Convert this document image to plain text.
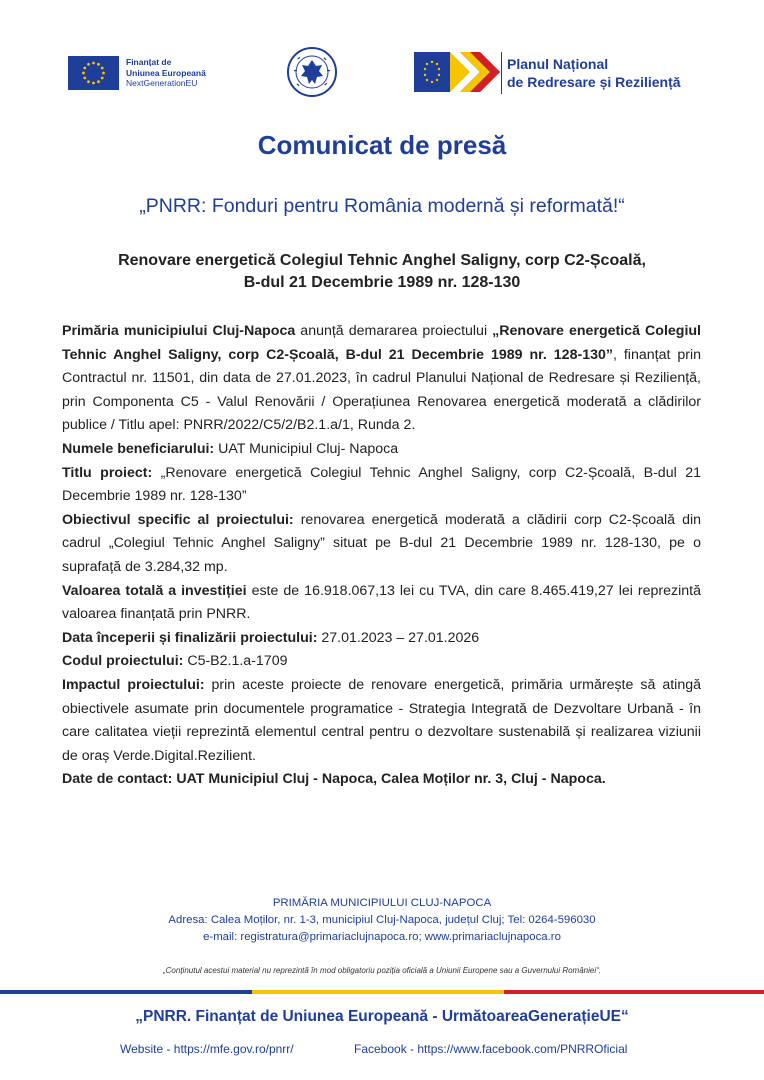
Finanțat de
Uniunea Europeană
NextGenerationEU
Planul Național
de Redresare și Reziliență
Comunicat de presă
„PNRR: Fonduri pentru România modernă și reformată!“
Renovare energetică Colegiul Tehnic Anghel Saligny, corp C2-Școală,
B-dul 21 Decembrie 1989 nr. 128-130

Primăria municipiului Cluj-Napoca anunță demararea proiectului „Renovare energetică Colegiul Tehnic Anghel Saligny, corp C2-Școală, B-dul 21 Decembrie 1989 nr. 128-130”, finanțat prin Contractul nr. 11501, din data de 27.01.2023, în cadrul Planului Național de Redresare și Reziliență, prin Componenta C5 - Valul Renovării / Operațiunea Renovarea energetică moderată a clădirilor publice / Titlu apel: PNRR/2022/C5/2/B2.1.a/1, Runda 2.

Numele beneficiarului: UAT Municipiul Cluj- Napoca

Titlu proiect: „Renovare energetică Colegiul Tehnic Anghel Saligny, corp C2-Școală, B-dul 21 Decembrie 1989 nr. 128-130”

Obiectivul specific al proiectului: renovarea energetică moderată a clădirii corp C2-Școală din cadrul „Colegiul Tehnic Anghel Saligny” situat pe B-dul 21 Decembrie 1989 nr. 128-130, pe o suprafață de 3.284,32 mp.

Valoarea totală a investiției este de 16.918.067,13 lei cu TVA, din care 8.465.419,27 lei reprezintă valoarea finanțată prin PNRR.

Data începerii și finalizării proiectului: 27.01.2023 – 27.01.2026

Codul proiectului: C5-B2.1.a-1709

Impactul proiectului: prin aceste proiecte de renovare energetică, primăria urmărește să atingă obiectivele asumate prin documentele programatice - Strategia Integrată de Dezvoltare Urbană - în care calitatea vieții reprezintă elementul central pentru o dezvoltare sustenabilă și realizarea viziunii de oraș Verde.Digital.Rezilient.

Date de contact: UAT Municipiul Cluj - Napoca, Calea Moților nr. 3, Cluj - Napoca.

PRIMĂRIA MUNICIPIULUI CLUJ-NAPOCA
Adresa: Calea Moților, nr. 1-3, municipiul Cluj-Napoca, județul Cluj; Tel: 0264-596030
e-mail: registratura@primariaclujnapoca.ro; www.primariaclujnapoca.ro
„Conținutul acestui material nu reprezintă în mod obligatoriu poziția oficială a Uniunii Europene sau a Guvernului României“.
„PNRR. Finanțat de Uniunea Europeană - UrmătoareaGenerațieUE“
Website - https://mfe.gov.ro/pnrr/	Facebook - https://www.facebook.com/PNRROficial
